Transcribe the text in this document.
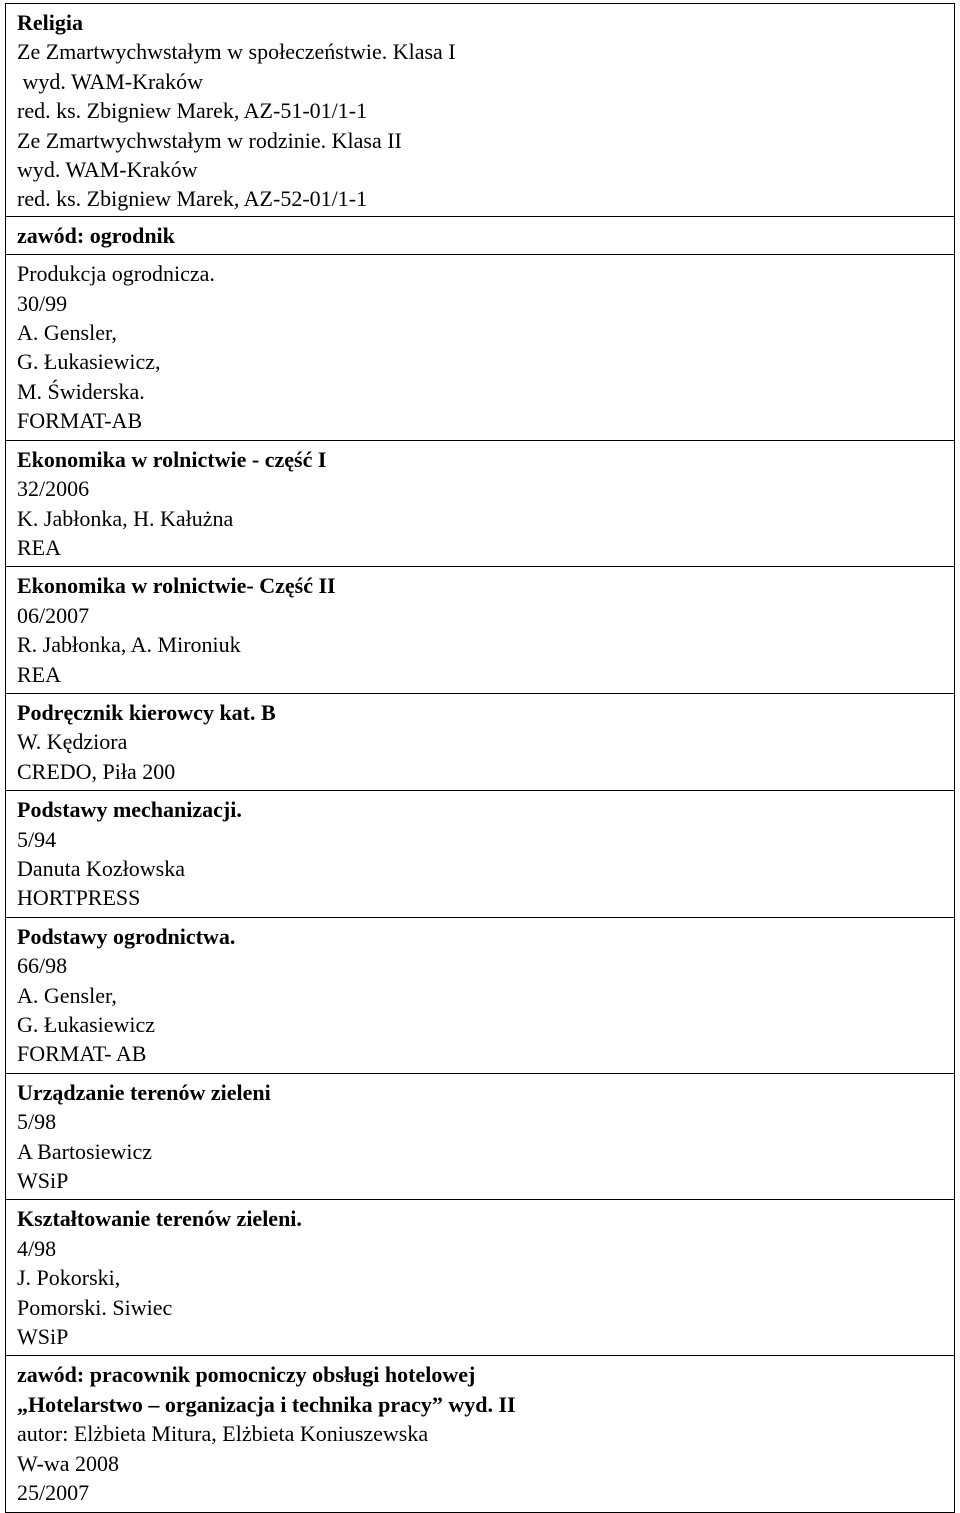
Religia
Ze Zmartwychwstałym w społeczeństwie. Klasa I
wyd. WAM-Kraków
red. ks. Zbigniew Marek, AZ-51-01/1-1
Ze Zmartwychwstałym w rodzinie. Klasa II
wyd. WAM-Kraków
red. ks. Zbigniew Marek, AZ-52-01/1-1
zawód: ogrodnik
Produkcja ogrodnicza.
30/99
A. Gensler,
G. Łukasiewicz,
M. Świderska.
FORMAT-AB
Ekonomika w rolnictwie - część I
32/2006
K. Jabłonka, H. Kałużna
REA
Ekonomika w rolnictwie- Część II
06/2007
R. Jabłonka, A. Mironiuk
REA
Podręcznik kierowcy kat. B
W. Kędziora
CREDO, Piła 200
Podstawy mechanizacji.
5/94
Danuta Kozłowska
HORTPRESS
Podstawy ogrodnictwa.
66/98
A. Gensler,
G. Łukasiewicz
FORMAT- AB
Urządzanie terenów zieleni
5/98
A Bartosiewicz
WSiP
Kształtowanie terenów zieleni.
4/98
J. Pokorski,
Pomorski. Siwiec
WSiP
zawód: pracownik pomocniczy obsługi hotelowej
„Hotelarstwo – organizacja i technika pracy” wyd. II
autor: Elżbieta Mitura, Elżbieta Koniuszewska
W-wa 2008
25/2007
